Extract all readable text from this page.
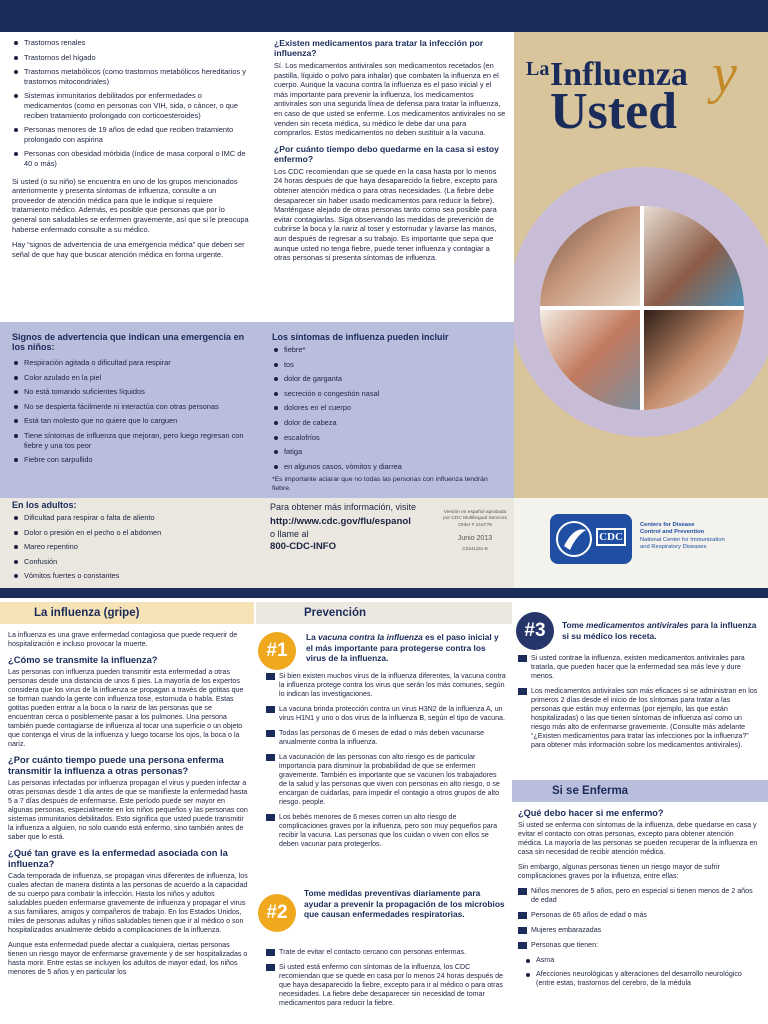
Trastornos renales
Trastornos del hígado
Trastornos metabólicos (como trastornos metabólicos hereditarios y trastornos mitocondriales)
Sistemas inmunitarios debilitados por enfermedades o medicamentos (como en personas con VIH, sida, o cáncer, o que reciben tratamiento prolongado con corticoesteroides)
Personas menores de 19 años de edad que reciben tratamiento prolongado con aspirina
Personas con obesidad mórbida (índice de masa corporal o IMC de 40 o más)
Si usted (o su niño) se encuentra en uno de los grupos mencionados anteriormente y presenta síntomas de influenza, consulte a un proveedor de atención médica para que le indique si requiere tratamiento médico. Además, es posible que personas que por lo general son saludables se enfermen gravemente, así que si le preocupa haberse enfermado consulte a su médico.
Hay “signos de advertencia de una emergencia médica” que deben ser señal de que hay que buscar atención médica en forma urgente.
¿Existen medicamentos para tratar la infección por influenza?
Sí. Los medicamentos antivirales son medicamentos recetados (en pastilla, líquido o polvo para inhalar) que combaten la influenza en el cuerpo. Aunque la vacuna contra la influenza es el paso inicial y el más importante para prevenir la influenza, los medicamentos antivirales son una segunda línea de defensa para tratar la influenza, en caso de que usted se enferme. Los medicamentos antivirales no se venden sin receta médica, su médico le debe dar una para comprarlos. Estos medicamentos no deben sustituir a la vacuna.
¿Por cuánto tiempo debo quedarme en la casa si estoy enfermo?
Los CDC recomiendan que se quede en la casa hasta por lo menos 24 horas después de que haya desaparecido la fiebre, excepto para obtener atención médica o para otras necesidades. (La fiebre debe desaparecer sin haber usado medicamentos para reducir la fiebre). Manténgase alejado de otras personas tanto como sea posible para evitar contagiarlas. Siga observando las medidas de prevención de cubrirse la boca y la nariz al toser y estornudar y lavarse las manos, aun después de regresar a su trabajo. Es importante que sepa que aunque usted no tenga fiebre, puede tener influenza y contagiar a otras personas si presenta síntomas de influenza.
Signos de advertencia que indican una emergencia en los niños:
Respiración agitada o dificultad para respirar
Color azulado en la piel
No está tomando suficientes líquidos
No se despierta fácilmente ni interactúa con otras personas
Está tan molesto que no quiere que lo carguen
Tiene síntomas de influenza que mejoran, pero luego regresan con fiebre y una tos peor
Fiebre con sarpullido
Los síntomas de influenza pueden incluir
fiebre*
tos
dolor de garganta
secreción o congestión nasal
dolores en el cuerpo
dolor de cabeza
escalofríos
fatiga
en algunos casos, vómitos y diarrea
*Es importante aclarar que no todas las personas con influenza tendrán fiebre.
En los adultos:
Dificultad para respirar o falta de aliento
Dolor o presión en el pecho o el abdomen
Mareo repentino
Confusión
Vómitos fuertes o constantes
Para obtener más información, visite
http://www.cdc.gov/flu/espanol
o llame al
800-CDC-INFO
Versión en español aprobada por CDC Multilingual Services Order # 216776
Junio 2013
CS241151-B
La Influenza y
Usted
CDC
Centers for Disease
Control and Prevention
National Center for Immunization
and Respiratory Diseases
La influenza (gripe)
La influenza es una grave enfermedad contagiosa que puede requerir de hospitalización e incluso provocar la muerte.
¿Cómo se transmite la influenza?
Las personas con influenza pueden transmitir esta enfermedad a otras personas desde una distancia de unos 6 pies. La mayoría de los expertos considera que los virus de la influenza se propagan a través de gotitas que se forman cuando la gente con influenza tose, estornuda o habla. Estas gotitas pueden entrar a la boca o la nariz de las personas que se encuentran cerca o posiblemente pasar a los pulmones. Una persona también puede contagiarse de influenza al tocar una superficie o un objeto que contenga el virus de la influenza y luego tocarse los ojos, la boca o la nariz.
¿Por cuánto tiempo puede una persona enferma transmitir la influenza a otras personas?
Las personas infectadas por influenza propagan el virus y pueden infectar a otras personas desde 1 día antes de que se manifieste la enfermedad hasta 5 a 7 días después de enfermarse. Este período puede ser mayor en algunas personas, especialmente en los niños pequeños y las personas con sistemas inmunitarios debilitados. Esto significa que usted puede transmitir la influenza a alguien, no solo cuando está enfermo, sino también antes de saber que lo está.
¿Qué tan grave es la enfermedad asociada con la influenza?
Cada temporada de influenza, se propagan virus diferentes de influenza, los cuales afectan de manera distinta a las personas de acuerdo a la capacidad de su cuerpo para combatir la infección. Hasta los niños y adultos saludables pueden enfermarse gravemente de influenza y propagar el virus a sus familiares, amigos y compañeros de trabajo. En los Estados Unidos, miles de personas adultas y niños saludables tienen que ir al médico o son hospitalizados anualmente debido a complicaciones de la influenza.
Aunque esta enfermedad puede afectar a cualquiera, ciertas personas tienen un riesgo mayor de enfermarse gravemente y de ser hospitalizadas o hasta morir. Entre estas se incluyen los adultos de mayor edad, los niños menores de 5 años y en particular los
Prevención
#1
La vacuna contra la influenza es el paso inicial y el más importante para protegerse contra los virus de la influenza.
Si bien existen muchos virus de la influenza diferentes, la vacuna contra la influenza protege contra los virus que serán los más comunes, según lo indican las investigaciones.
La vacuna brinda protección contra un virus H3N2 de la influenza A, un virus H1N1 y uno o dos virus de la influenza B, según el tipo de vacuna.
Todas las personas de 6 meses de edad o más deben vacunarse anualmente contra la influenza.
La vacunación de las personas con alto riesgo es de particular importancia para disminuir la probabilidad de que se enfermen gravemente. También es importante que se vacunen los trabajadores de la salud y las personas que viven con personas en alto riesgo, o se encargan de cuidarlas, para impedir el contagio a otros grupos de alto riesgo. people.
Los bebés menores de 6 meses corren un alto riesgo de complicaciones graves por la influenza, pero son muy pequeños para recibir la vacuna. Las personas que los cuidan o viven con ellos se deben vacunar para protegerlos.
#2
Tome medidas preventivas diariamente para ayudar a prevenir la propagación de los microbios que causan enfermedades respiratorias.
Trate de evitar el contacto cercano con personas enfermas.
Si usted está enfermo con síntomas de la influenza, los CDC recomiendan que se quede en casa por lo menos 24 horas después de que haya desaparecido la fiebre, excepto para ir al médico o para otras necesidades. La fiebre debe desaparecer sin necesidad de tomar medicamentos para reducir la fiebre.
#3	Tome medicamentos antivirales para la influenza si su médico los receta.
Si usted contrae la influenza, existen medicamentos antivirales para tratarla, que pueden hacer que la enfermedad sea más leve y dure menos.
Los medicamentos antivirales son más eficaces si se administran en los primeros 2 días desde el inicio de los síntomas para tratar a las personas que están muy enfermas (por ejemplo, las que están hospitalizadas) o las que tienen síntomas de influenza así como un riesgo más alto de enfermarse gravemente. (Consulte más adelante “¿Existen medicamentos para tratar las infecciones por la influenza?” para obtener más información sobre los medicamentos antivirales).
Si se Enferma
¿Qué debo hacer si me enfermo?
Si usted se enferma con síntomas de la influenza, debe quedarse en casa y evitar el contacto con otras personas, excepto para obtener atención médica. La mayoría de las personas se pueden recuperar de la influenza en casa sin necesidad de recibir atención médica.
Sin embargo, algunas personas tienen un riesgo mayor de sufrir complicaciones graves por la influenza, entre ellas:
Niños menores de 5 años, pero en especial si tienen menos de 2 años de edad
Personas de 65 años de edad o más
Mujeres embarazadas
Personas que tienen:
Asma
Afecciones neurológicas y alteraciones del desarrollo neurológico (entre estas, trastornos del cerebro, de la médula
